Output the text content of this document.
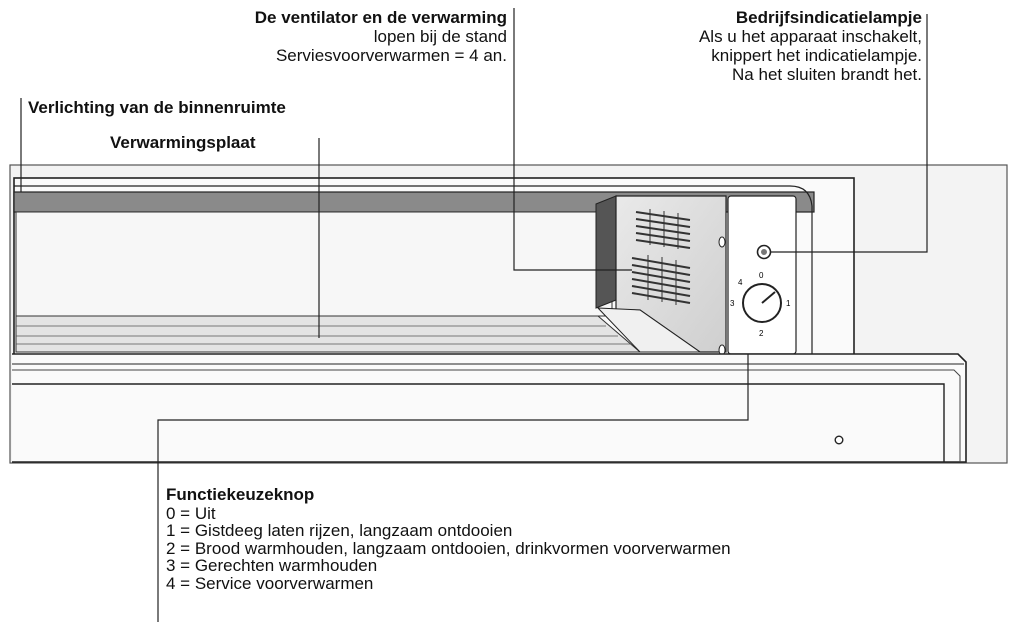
0
1
2
3
4
De ventilator en de verwarming
lopen bij de stand
Serviesvoorverwarmen = 4 an.
Bedrijfsindicatielampje
Als u het apparaat inschakelt,
knippert het indicatielampje.
Na het sluiten brandt het.
Verlichting van de binnenruimte
Verwarmingsplaat
Functiekeuzeknop
0 = Uit
1 = Gistdeeg laten rijzen, langzaam ontdooien
2 = Brood warmhouden, langzaam ontdooien, drinkvormen voorverwarmen
3 = Gerechten warmhouden
4 = Service voorverwarmen
